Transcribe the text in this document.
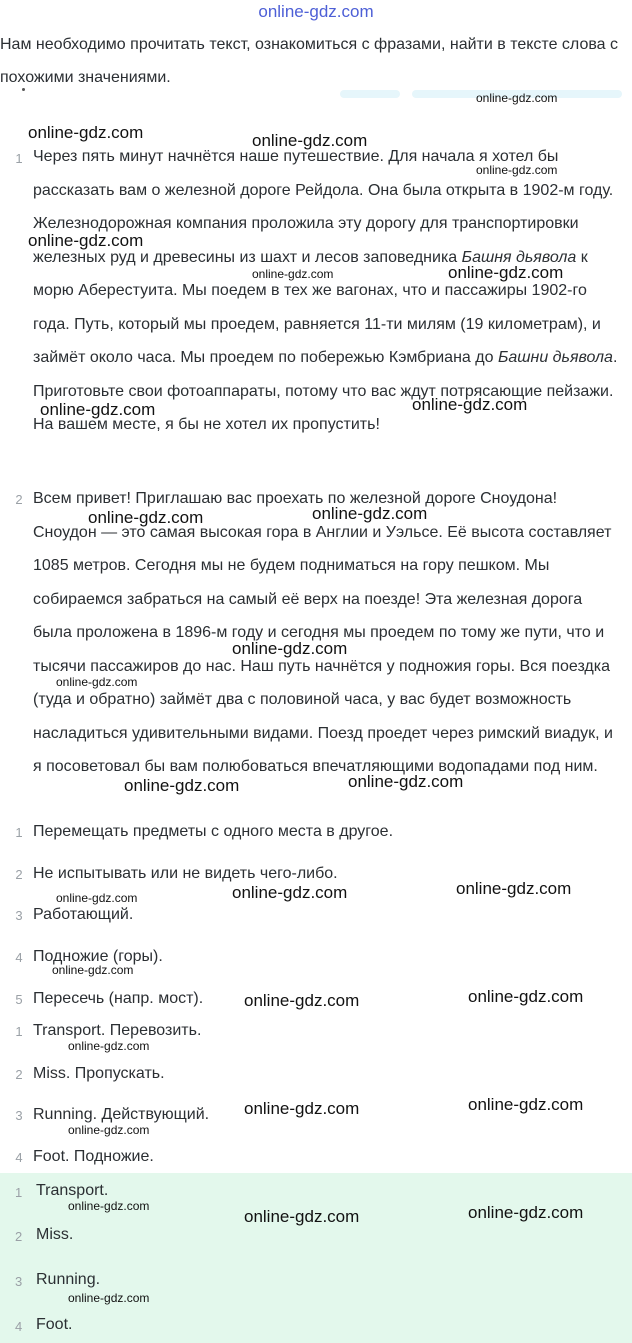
online-gdz.com
Нам необходимо прочитать текст, ознакомиться с фразами, найти в тексте слова с похожими значениями.
1 Через пять минут начнётся наше путешествие. Для начала я хотел бы рассказать вам о железной дороге Рейдола. Она была открыта в 1902-м году. Железнодорожная компания проложила эту дорогу для транспортировки железных руд и древесины из шахт и лесов заповедника Башня дьявола к морю Аберестуита. Мы поедем в тех же вагонах, что и пассажиры 1902-го года. Путь, который мы проедем, равняется 11-ти милям (19 километрам), и займёт около часа. Мы проедем по побережью Кэмбриана до Башни дьявола. Приготовьте свои фотоаппараты, потому что вас ждут потрясающие пейзажи. На вашем месте, я бы не хотел их пропустить!
2 Всем привет! Приглашаю вас проехать по железной дороге Сноудона! Сноудон — это самая высокая гора в Англии и Уэльсе. Её высота составляет 1085 метров. Сегодня мы не будем подниматься на гору пешком. Мы собираемся забраться на самый её верх на поезде! Эта железная дорога была проложена в 1896-м году и сегодня мы проедем по тому же пути, что и тысячи пассажиров до нас. Наш путь начнётся у подножия горы. Вся поездка (туда и обратно) займёт два с половиной часа, у вас будет возможность насладиться удивительными видами. Поезд проедет через римский виадук, и я посоветовал бы вам полюбоваться впечатляющими водопадами под ним.
1 Перемещать предметы с одного места в другое.
2 Не испытывать или не видеть чего-либо.
3 Работающий.
4 Подножие (горы).
5 Пересечь (напр. мост).
1 Transport. Перевозить.
2 Miss. Пропускать.
3 Running. Действующий.
4 Foot. Подножие.
1 Transport.
2 Miss.
3 Running.
4 Foot.
online-gdz.com
online-gdz.com	online-gdz.com
online-gdz.com
online-gdz.com
online-gdz.com
online-gdz.com
online-gdz.com
online-gdz.com
online-gdz.com	online-gdz.com
online-gdz.com
online-gdz.com
online-gdz.com
online-gdz.com
online-gdz.com
online-gdz.com
online-gdz.com
online-gdz.com
online-gdz.com
online-gdz.com
online-gdz.com
online-gdz.com
online-gdz.com
online-gdz.com
online-gdz.com	online-gdz.com
online-gdz.com
online-gdz.com
